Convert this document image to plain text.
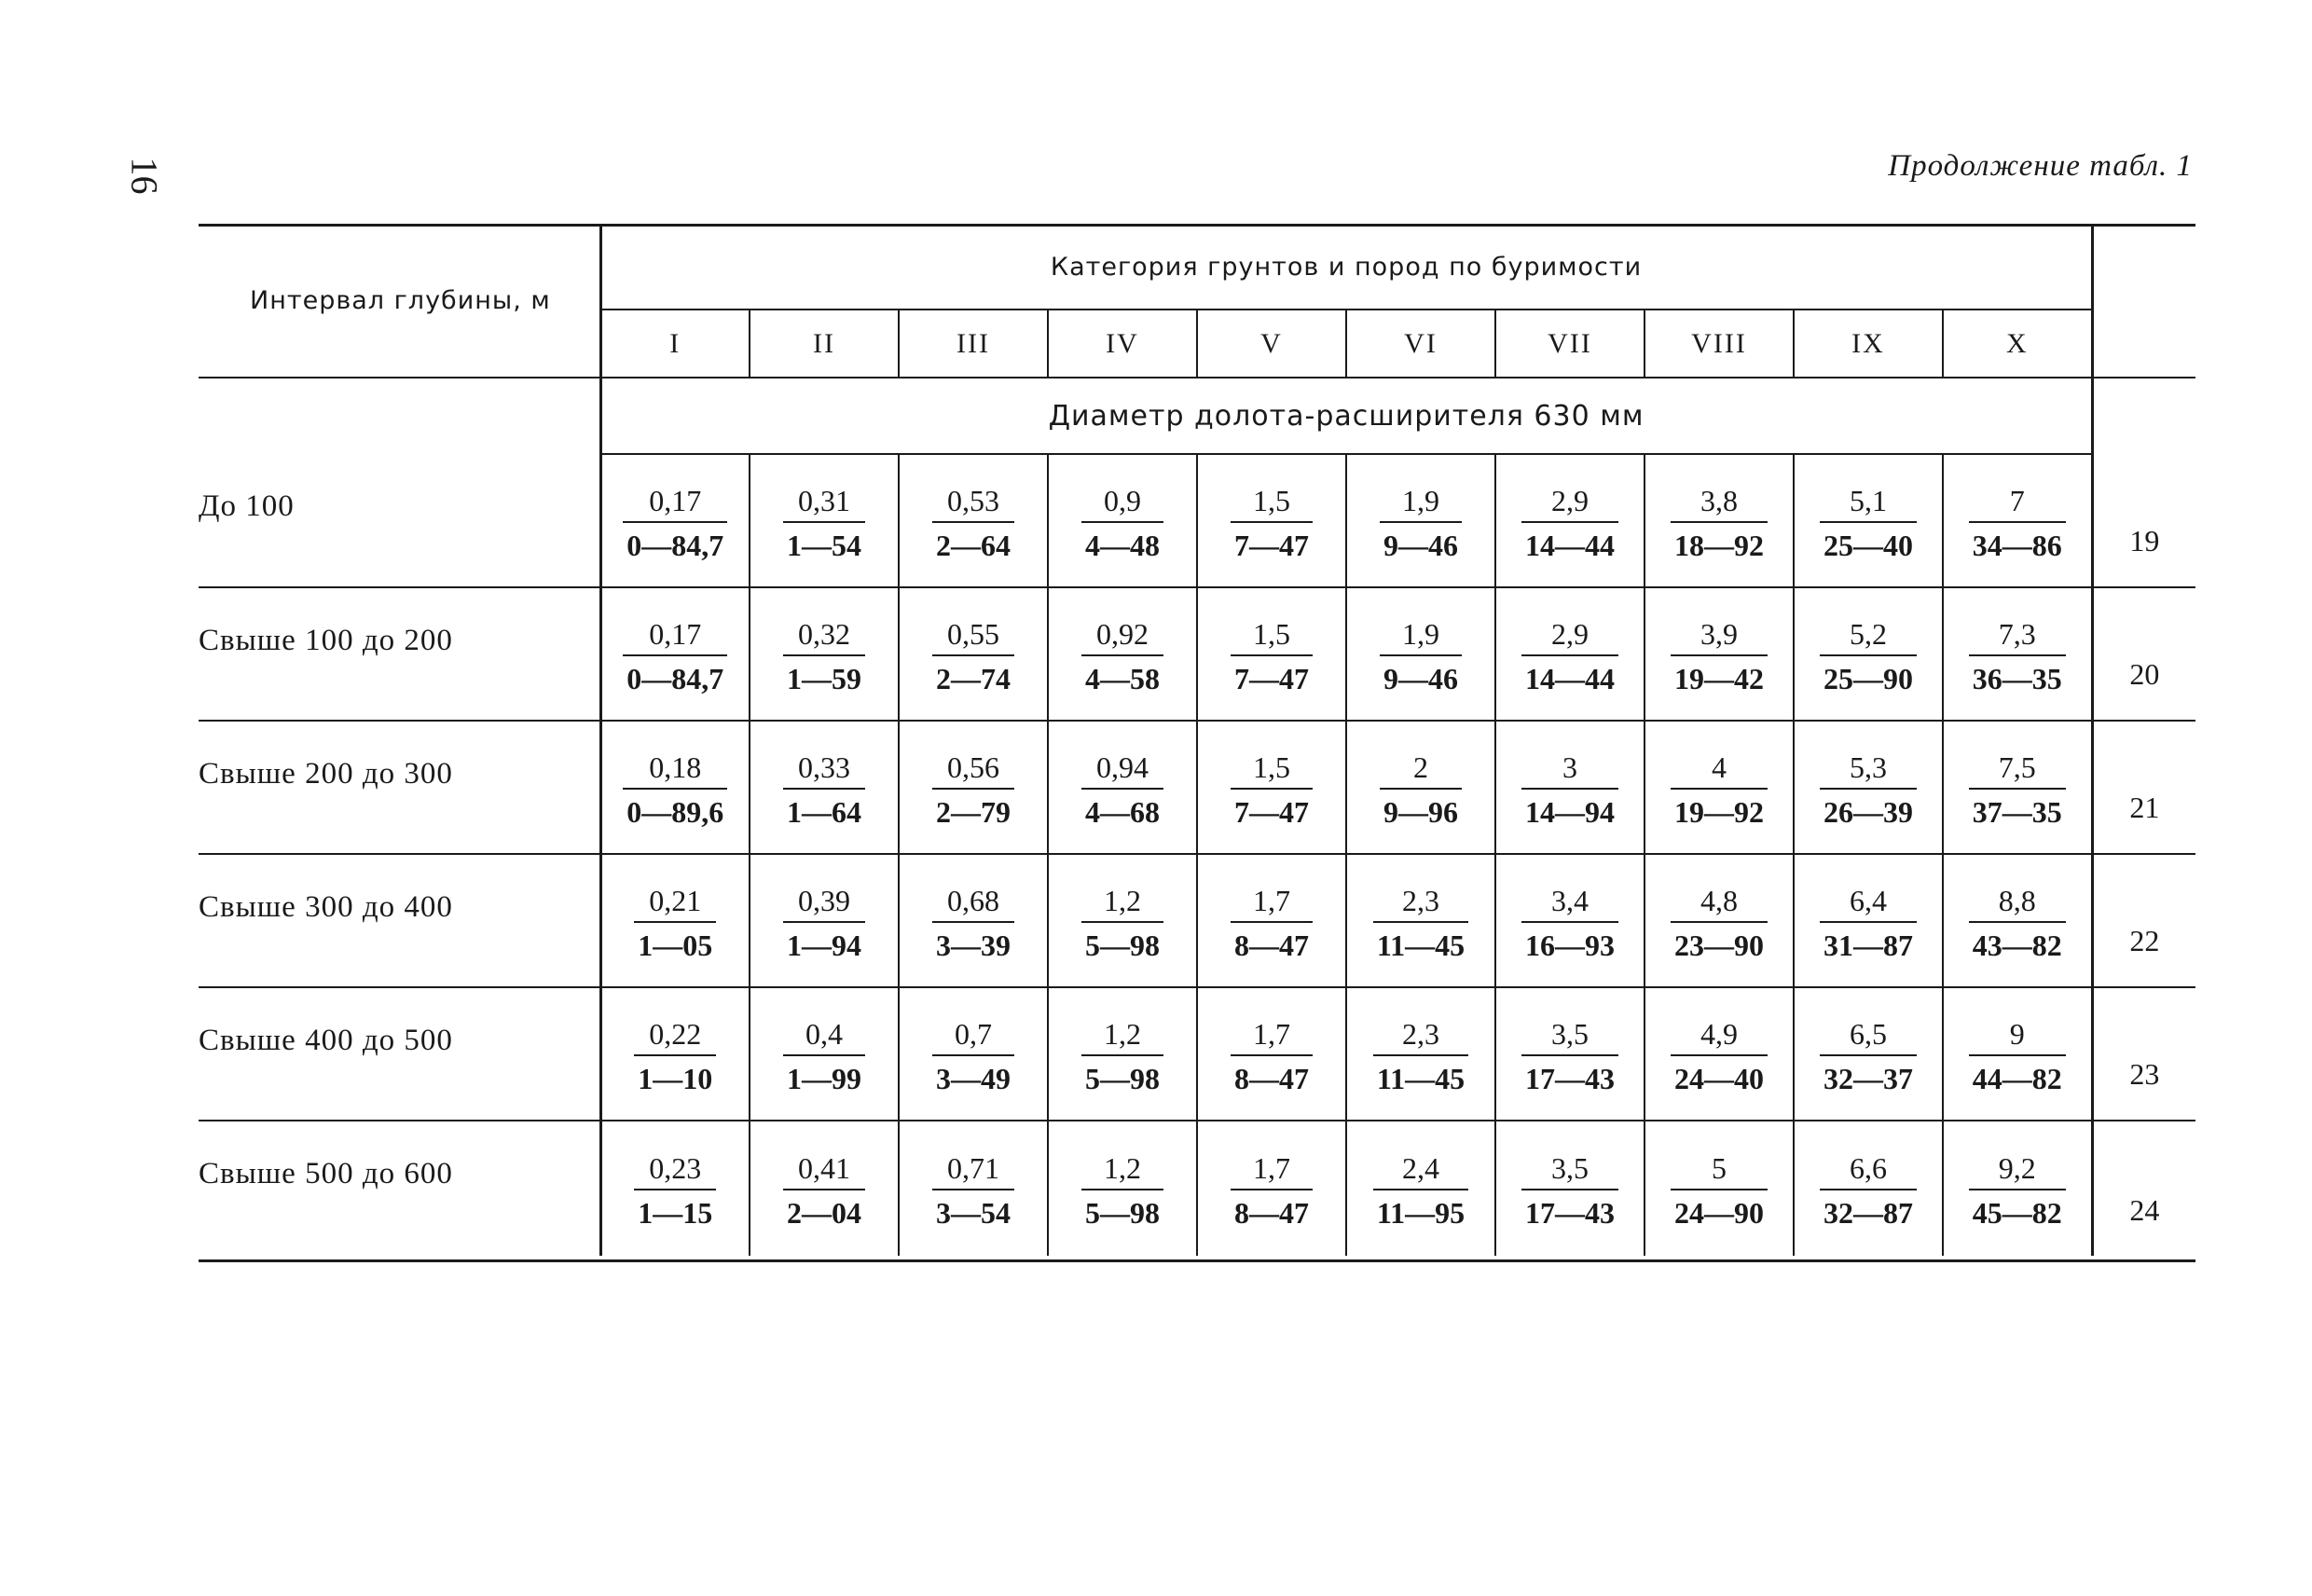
16	Продолжение табл. 1
Интервал глубины, м	Категория грунтов и пород по буримости										
	I	II	III	IV	V	VI	VII	VIII	IX	X	
	Диаметр долота-расширителя 630 мм										
До 100	$\frac{0,17}{0—84,7}$	$\frac{0,31}{1—54}$	$\frac{0,53}{2—64}$	$\frac{0,9}{4—48}$	$\frac{1,5}{7—47}$	$\frac{1,9}{9—46}$	$\frac{2,9}{14—44}$	$\frac{3,8}{18—92}$	$\frac{5,1}{25—40}$	$\frac{7}{34—86}$	19
Свыше 100 до 200	$\frac{0,17}{0—84,7}$	$\frac{0,32}{1—59}$	$\frac{0,55}{2—74}$	$\frac{0,92}{4—58}$	$\frac{1,5}{7—47}$	$\frac{1,9}{9—46}$	$\frac{2,9}{14—44}$	$\frac{3,9}{19—42}$	$\frac{5,2}{25—90}$	$\frac{7,3}{36—35}$	20
Свыше 200 до 300	$\frac{0,18}{0—89,6}$	$\frac{0,33}{1—64}$	$\frac{0,56}{2—79}$	$\frac{0,94}{4—68}$	$\frac{1,5}{7—47}$	$\frac{2}{9—96}$	$\frac{3}{14—94}$	$\frac{4}{19—92}$	$\frac{5,3}{26—39}$	$\frac{7,5}{37—35}$	21
Свыше 300 до 400	$\frac{0,21}{1—05}$	$\frac{0,39}{1—94}$	$\frac{0,68}{3—39}$	$\frac{1,2}{5—98}$	$\frac{1,7}{8—47}$	$\frac{2,3}{11—45}$	$\frac{3,4}{16—93}$	$\frac{4,8}{23—90}$	$\frac{6,4}{31—87}$	$\frac{8,8}{43—82}$	22
Свыше 400 до 500	$\frac{0,22}{1—10}$	$\frac{0,4}{1—99}$	$\frac{0,7}{3—49}$	$\frac{1,2}{5—98}$	$\frac{1,7}{8—47}$	$\frac{2,3}{11—45}$	$\frac{3,5}{17—43}$	$\frac{4,9}{24—40}$	$\frac{6,5}{32—37}$	$\frac{9}{44—82}$	23
Свыше 500 до 600	$\frac{0,23}{1—15}$	$\frac{0,41}{2—04}$	$\frac{0,71}{3—54}$	$\frac{1,2}{5—98}$	$\frac{1,7}{8—47}$	$\frac{2,4}{11—95}$	$\frac{3,5}{17—43}$	$\frac{5}{24—90}$	$\frac{6,6}{32—87}$	$\frac{9,2}{45—82}$	24
